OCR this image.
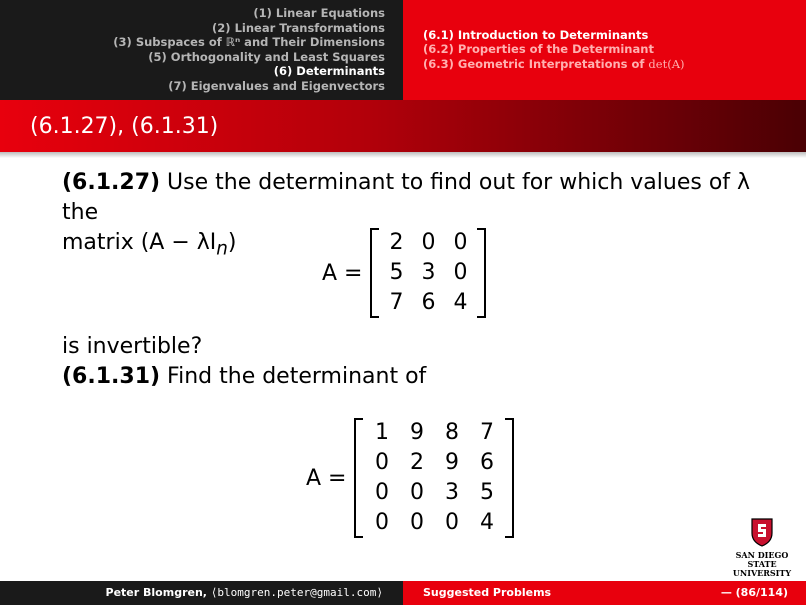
(1) Linear Equations
(2) Linear Transformations
(3) Subspaces of ℝⁿ and Their Dimensions
(5) Orthogonality and Least Squares
(6) Determinants
(7) Eigenvalues and Eigenvectors
(6.1) Introduction to Determinants
(6.2) Properties of the Determinant
(6.3) Geometric Interpretations of det(A)
(6.1.27), (6.1.31)

(6.1.27) Use the determinant to find out for which values of λ the
matrix $(A - \lambda I_n)$

A =
2 0 0
5 3 0
7 6 4

is invertible?

(6.1.31) Find the determinant of

A =
1 9 8 7
0 2 9 6
0 0 3 5
0 0 0 4
SAN DIEGO STATE
UNIVERSITY
Peter Blomgren, ⟨blomgren.peter@gmail.com⟩	Suggested Problems	— (86/114)
